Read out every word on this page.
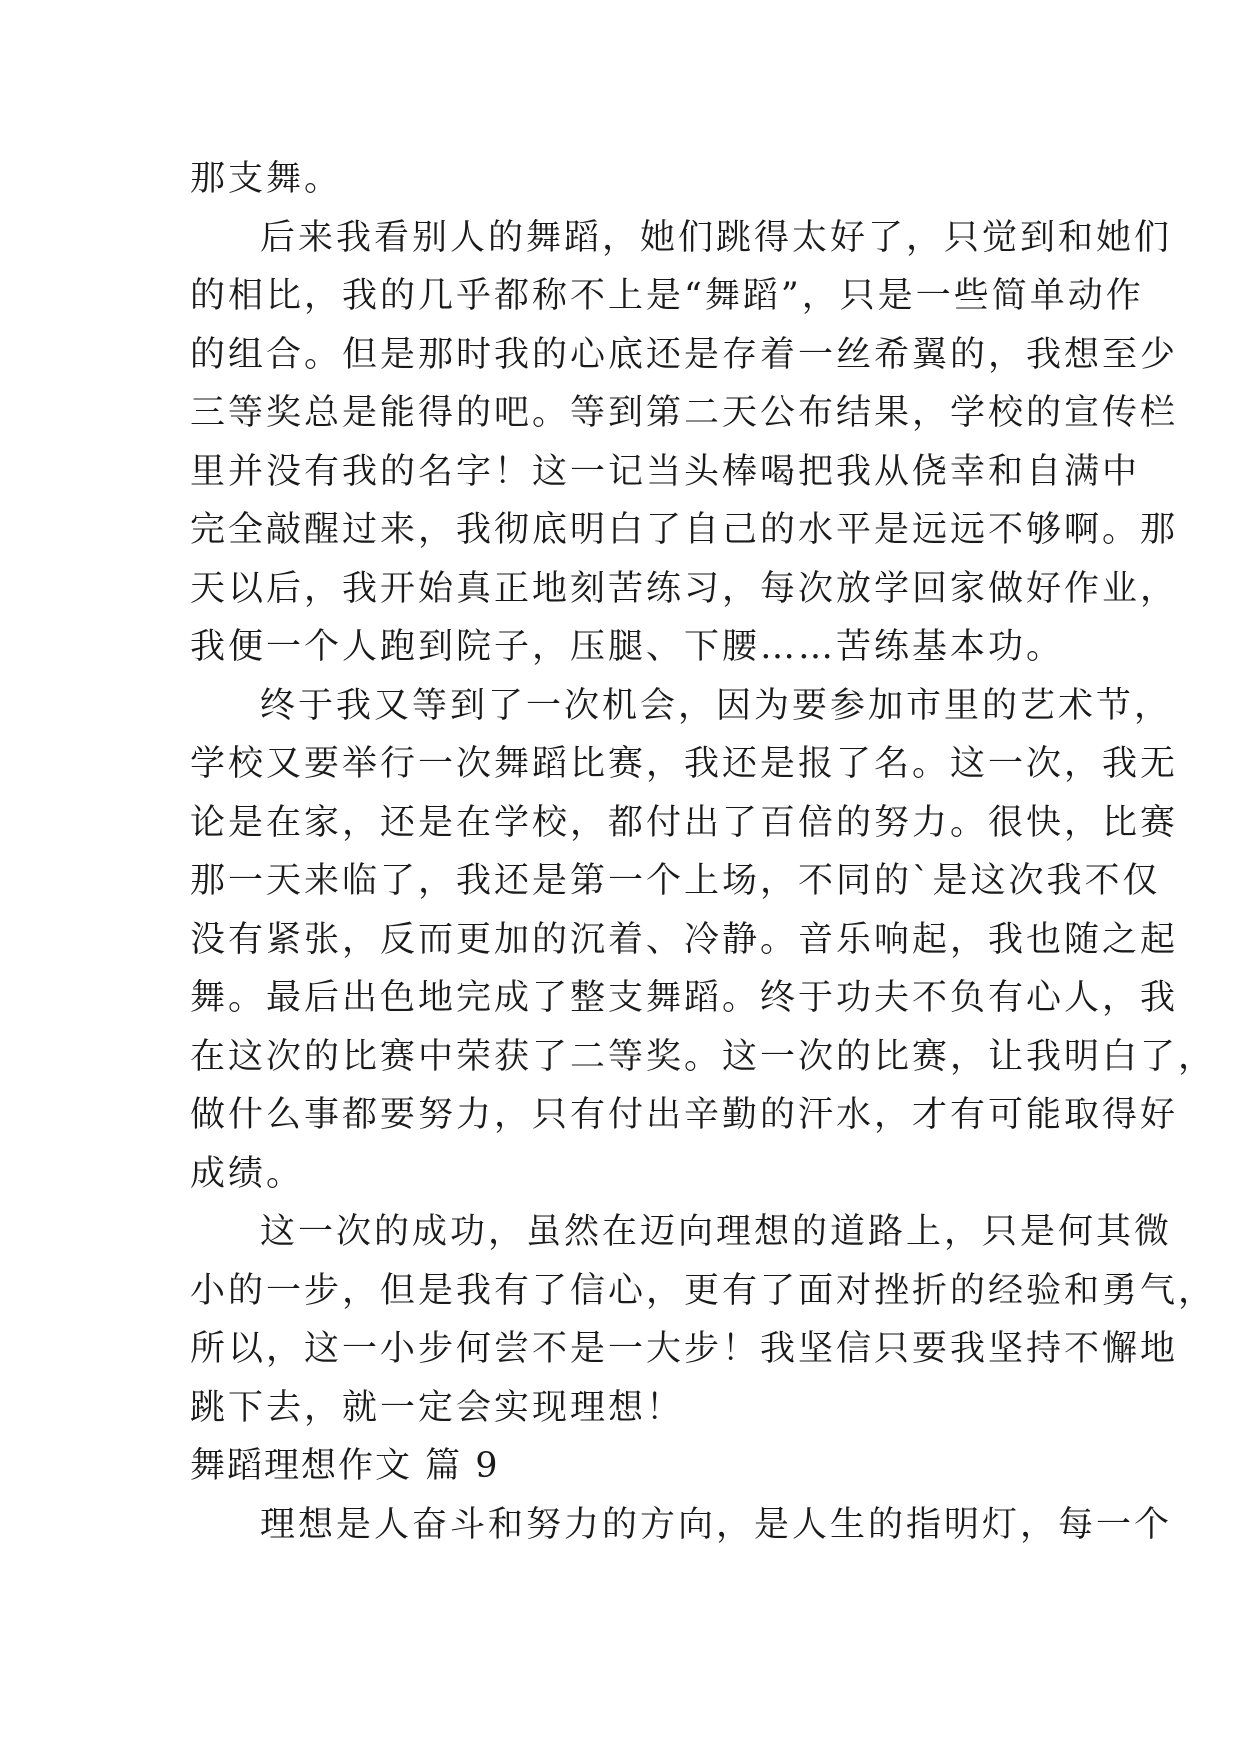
那支舞。
后来我看别人的舞蹈，她们跳得太好了，只觉到和她们
的相比，我的几乎都称不上是“舞蹈”，只是一些简单动作
的组合。但是那时我的心底还是存着一丝希翼的，我想至少
三等奖总是能得的吧。等到第二天公布结果，学校的宣传栏
里并没有我的名字！这一记当头棒喝把我从侥幸和自满中
完全敲醒过来，我彻底明白了自己的水平是远远不够啊。那
天以后，我开始真正地刻苦练习，每次放学回家做好作业，
我便一个人跑到院子，压腿、下腰……苦练基本功。
终于我又等到了一次机会，因为要参加市里的艺术节，
学校又要举行一次舞蹈比赛，我还是报了名。这一次，我无
论是在家，还是在学校，都付出了百倍的努力。很快，比赛
那一天来临了，我还是第一个上场，不同的`是这次我不仅
没有紧张，反而更加的沉着、冷静。音乐响起，我也随之起
舞。最后出色地完成了整支舞蹈。终于功夫不负有心人，我
在这次的比赛中荣获了二等奖。这一次的比赛，让我明白了，
做什么事都要努力，只有付出辛勤的汗水，才有可能取得好
成绩。
这一次的成功，虽然在迈向理想的道路上，只是何其微
小的一步，但是我有了信心，更有了面对挫折的经验和勇气，
所以，这一小步何尝不是一大步！我坚信只要我坚持不懈地
跳下去，就一定会实现理想！
舞蹈理想作文 篇 9
理想是人奋斗和努力的方向，是人生的指明灯，每一个
